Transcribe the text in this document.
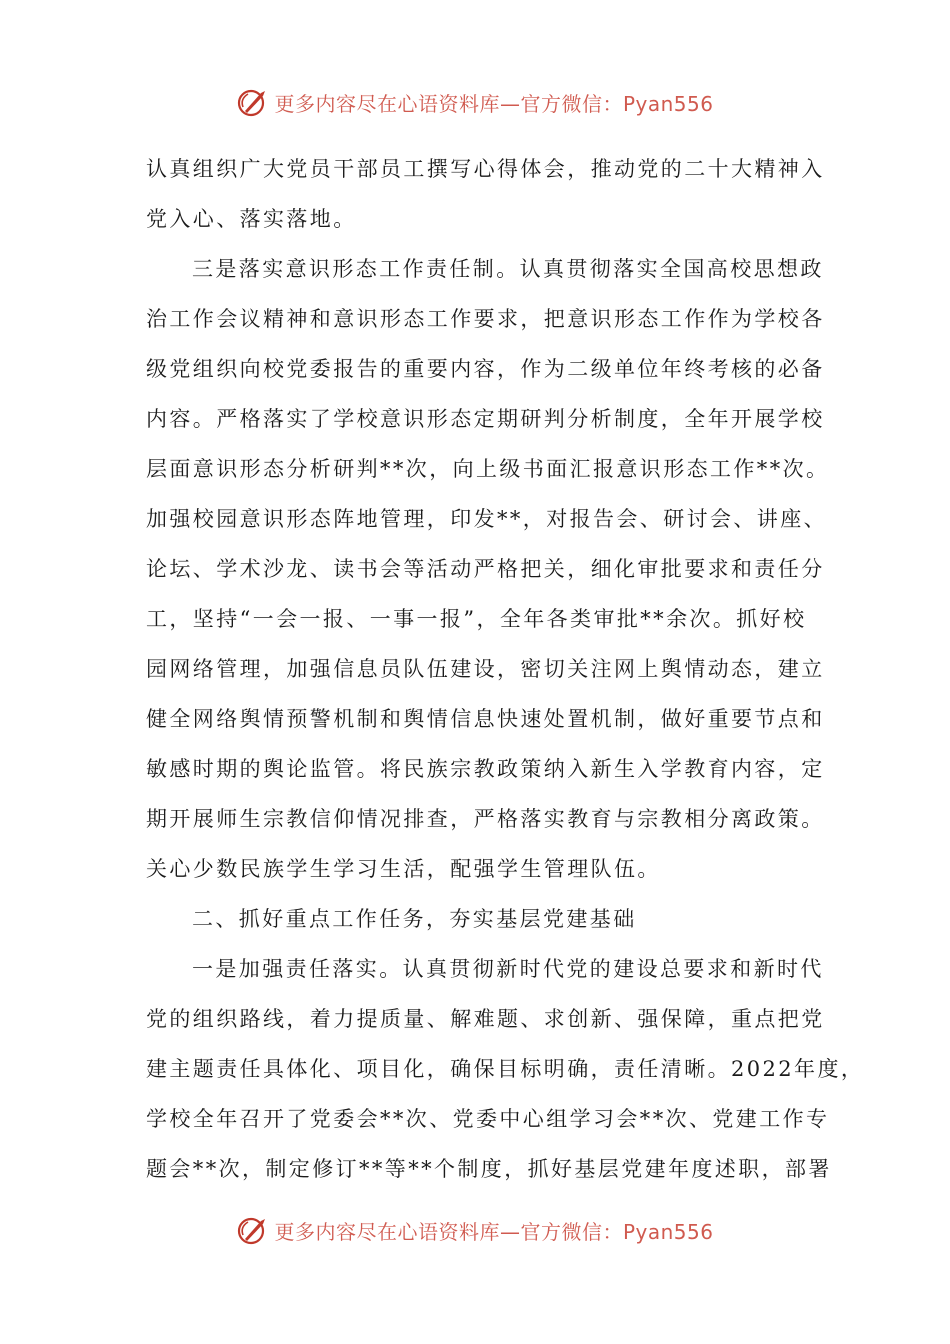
更多内容尽在心语资料库—官方微信：Pyan556
认真组织广大党员干部员工撰写心得体会，推动党的二十大精神入
党入心、落实落地。
三是落实意识形态工作责任制。认真贯彻落实全国高校思想政
治工作会议精神和意识形态工作要求，把意识形态工作作为学校各
级党组织向校党委报告的重要内容，作为二级单位年终考核的必备
内容。严格落实了学校意识形态定期研判分析制度，全年开展学校
层面意识形态分析研判**次，向上级书面汇报意识形态工作**次。
加强校园意识形态阵地管理，印发**，对报告会、研讨会、讲座、
论坛、学术沙龙、读书会等活动严格把关，细化审批要求和责任分
工，坚持“一会一报、一事一报”，全年各类审批**余次。抓好校
园网络管理，加强信息员队伍建设，密切关注网上舆情动态，建立
健全网络舆情预警机制和舆情信息快速处置机制，做好重要节点和
敏感时期的舆论监管。将民族宗教政策纳入新生入学教育内容，定
期开展师生宗教信仰情况排查，严格落实教育与宗教相分离政策。
关心少数民族学生学习生活，配强学生管理队伍。
二、抓好重点工作任务，夯实基层党建基础
一是加强责任落实。认真贯彻新时代党的建设总要求和新时代
党的组织路线，着力提质量、解难题、求创新、强保障，重点把党
建主题责任具体化、项目化，确保目标明确，责任清晰。2022年度，
学校全年召开了党委会**次、党委中心组学习会**次、党建工作专
题会**次，制定修订**等**个制度，抓好基层党建年度述职，部署
更多内容尽在心语资料库—官方微信：Pyan556
